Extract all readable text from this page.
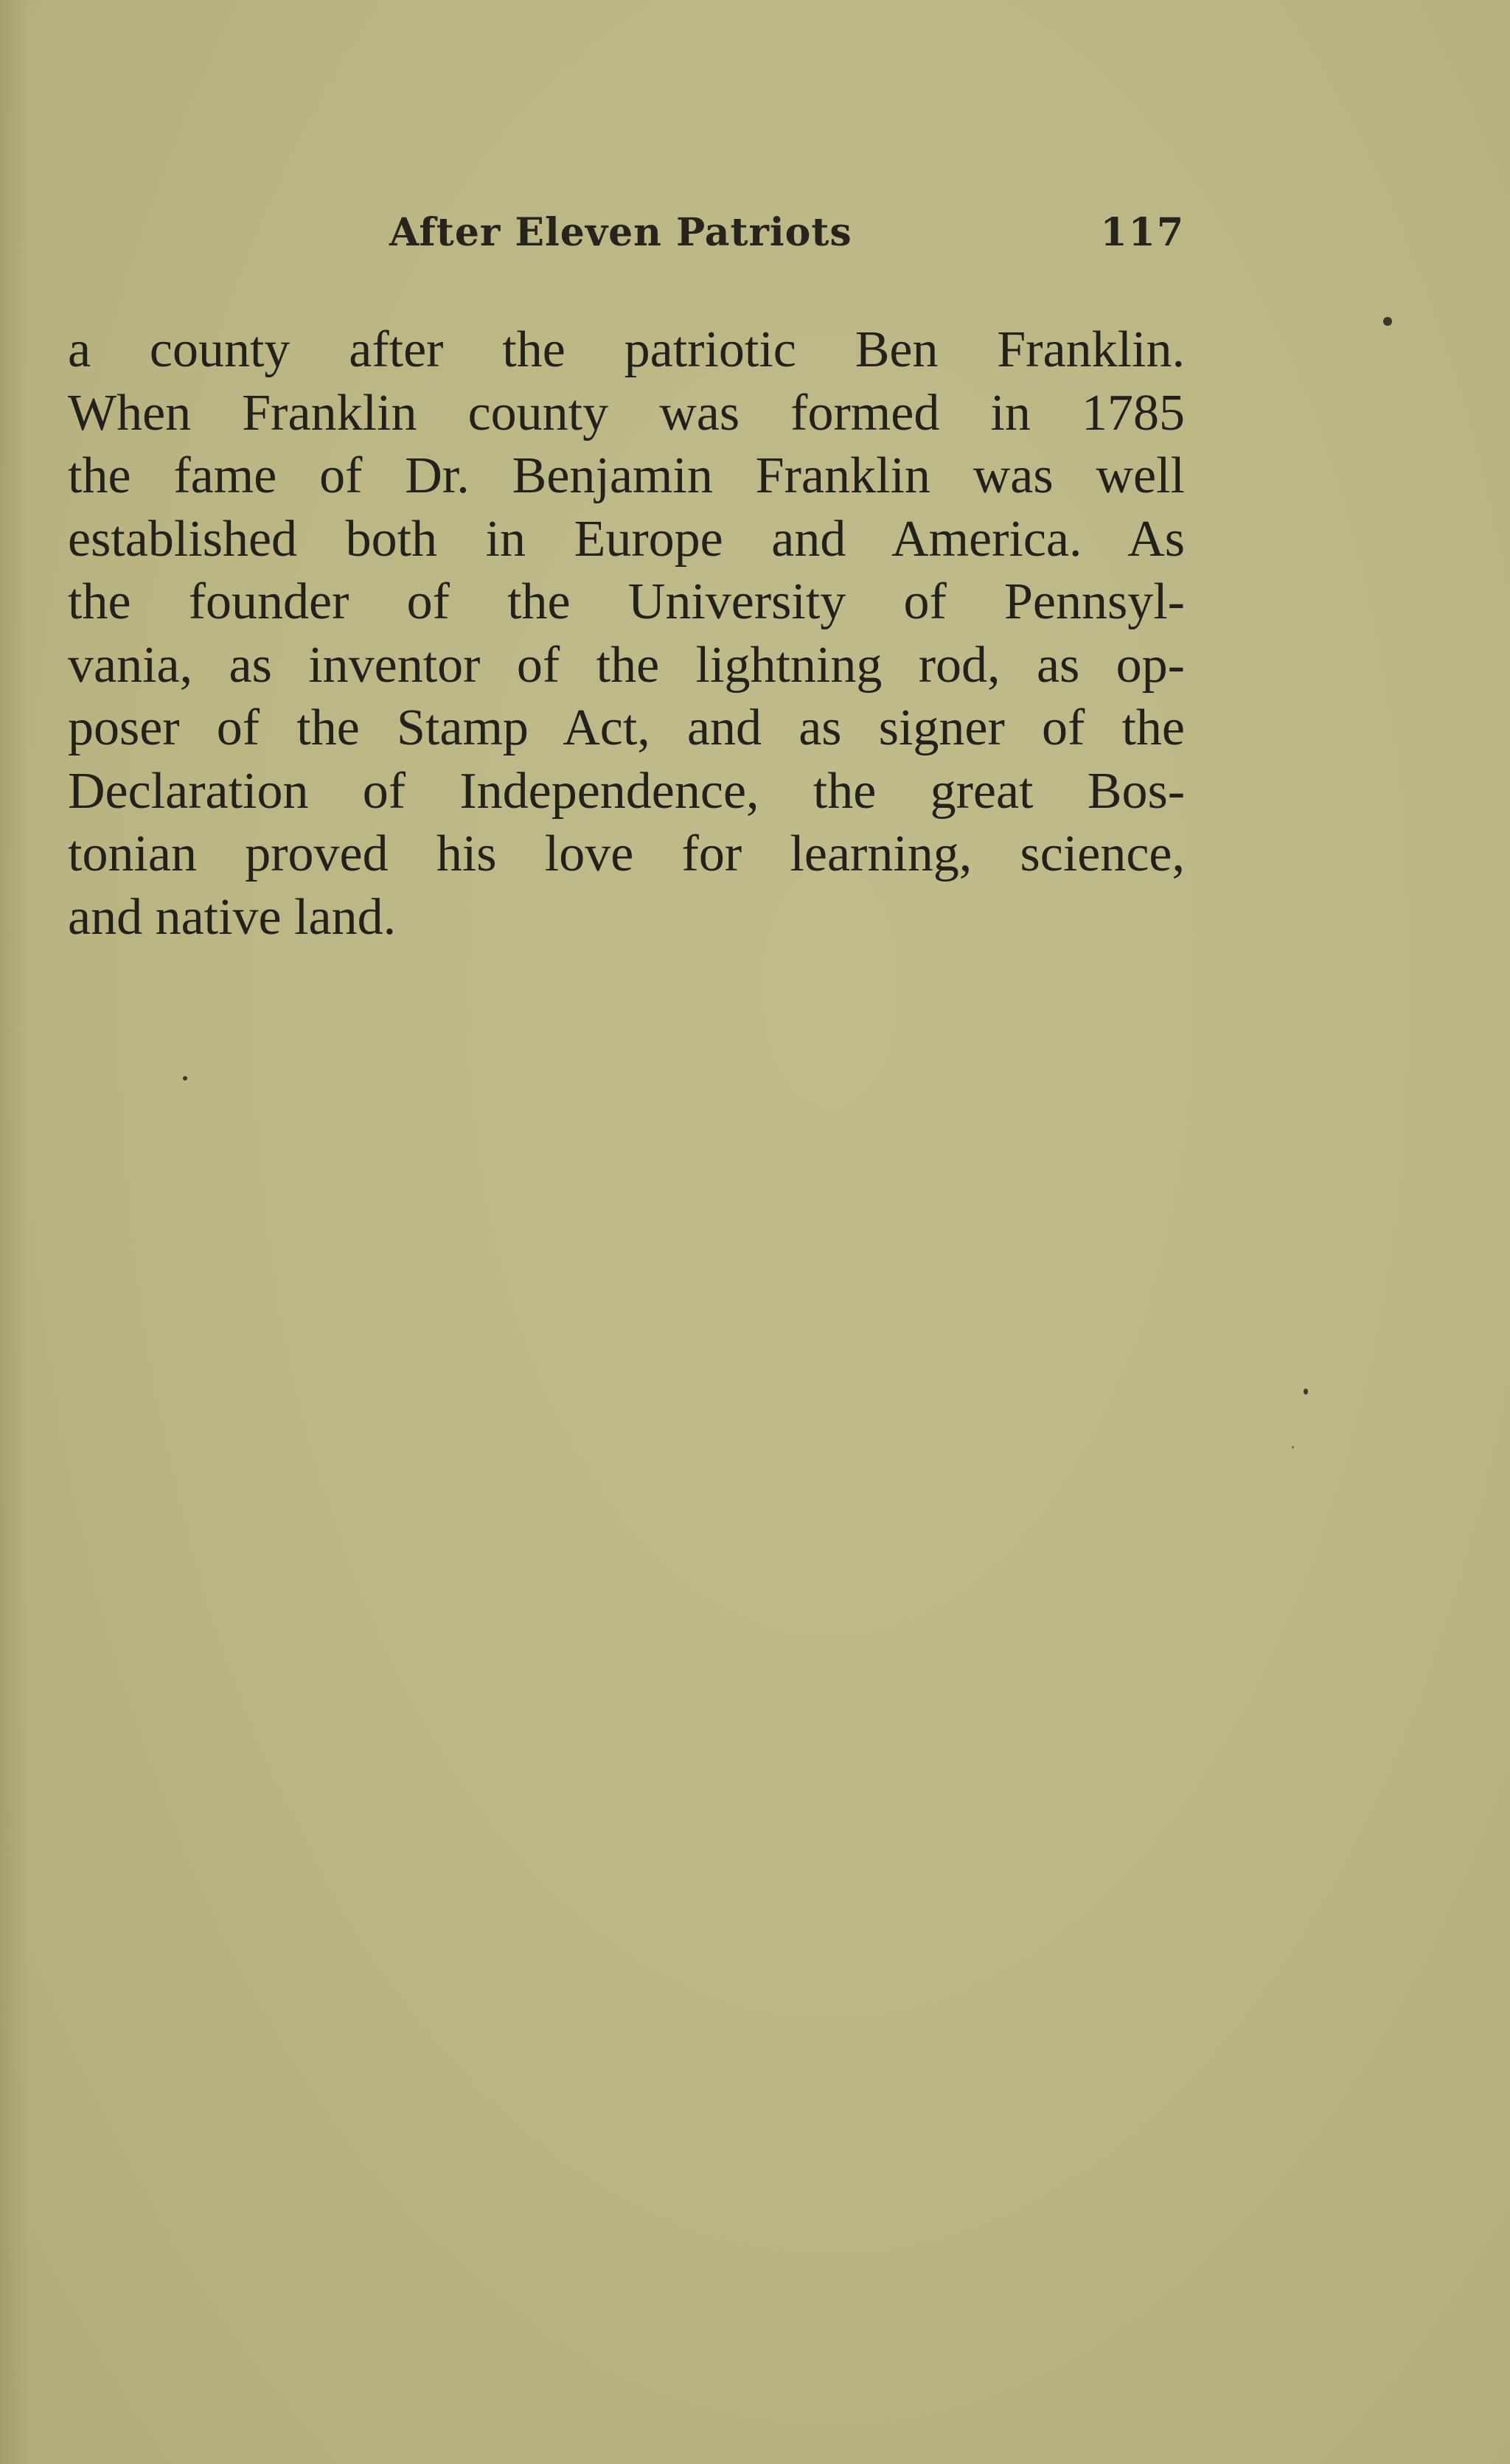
After Eleven Patriots	117
a county after the patriotic Ben Franklin.
When Franklin county was formed in 1785
the fame of Dr. Benjamin Franklin was well
established both in Europe and America. As
the founder of the University of Pennsyl-
vania, as inventor of the lightning rod, as op-
poser of the Stamp Act, and as signer of the
Declaration of Independence, the great Bos-
tonian proved his love for learning, science,
and native land.
